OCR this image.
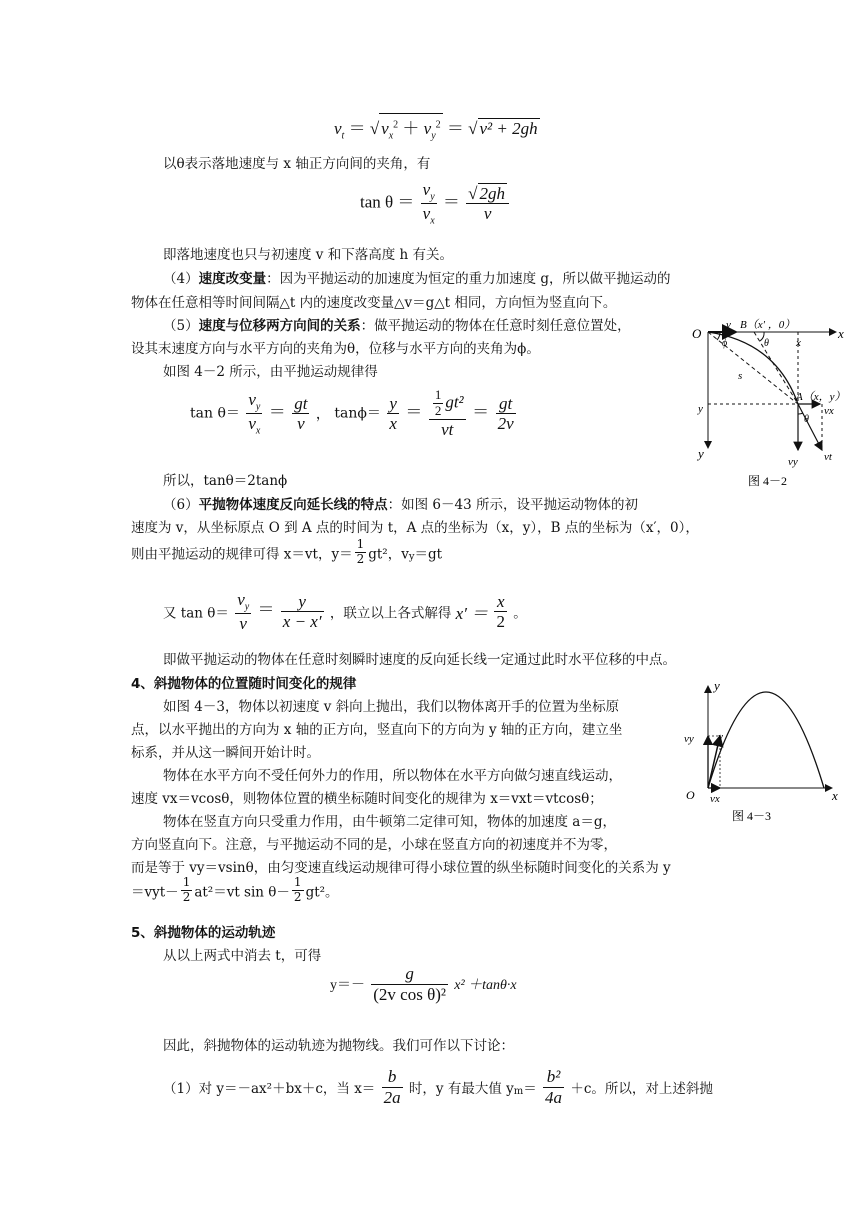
$v_t$ ＝ √ $v_x^2 + v_y^2$ ＝ √ v² + 2gh
以θ表示落地速度与 x 轴正方向间的夹角，有
$\tan \theta = \frac{v_y}{v_x} = \frac{√ 2gh}{v}$
即落地速度也只与初速度 v 和下落高度 h 有关。
（4）速度改变量：因为平抛运动的加速度为恒定的重力加速度 g，所以做平抛运动的
物体在任意相等时间间隔△t 内的速度改变量△v＝g△t 相同，方向恒为竖直向下。
（5）速度与位移两方向间的关系：做平抛运动的物体在任意时刻任意位置处，
设其末速度方向与水平方向的夹角为θ，位移与水平方向的夹角为ϕ。
如图 4－2 所示，由平抛运动规律得
$\tan \theta= \frac{v_y}{v_x} = \frac{gt}{v}$ ， $\tan\phi= \frac{y}{x} = \frac{\frac{1}{2} gt^2}{vt} = \frac{gt}{2v}$
所以，tanθ＝2tanϕ
（6）平抛物体速度反向延长线的特点：如图 6－43 所示，设平抛运动物体的初
速度为 v，从坐标原点 O 到 A 点的时间为 t，A 点的坐标为（x，y），B 点的坐标为（x′，0），
则由平抛运动的规律可得 x＝vt，$y= \frac{1}{2} gt^2$，$v_y=gt$
又 $\tan \theta= \frac{v_y}{v} = \frac{y}{x - x'}$ ，联立以上各式解得 $x' = \frac{x}{2}$ 。
即做平抛运动的物体在任意时刻瞬时速度的反向延长线一定通过此时水平位移的中点。
4、斜抛物体的位置随时间变化的规律
如图 4－3，物体以初速度 v 斜向上抛出，我们以物体离开手的位置为坐标原
点，以水平抛出的方向为 x 轴的正方向，竖直向下的方向为 y 轴的正方向，建立坐
标系，并从这一瞬间开始计时。
物体在水平方向不受任何外力的作用，所以物体在水平方向做匀速直线运动，
速度 vx＝vcosθ，则物体位置的横坐标随时间变化的规律为 x＝vxt＝vtcosθ；
物体在竖直方向只受重力作用，由牛顿第二定律可知，物体的加速度 a＝g，
方向竖直向下。注意，与平抛运动不同的是，小球在竖直方向的初速度并不为零，
而是等于 vy＝vsinθ，由匀变速直线运动规律可得小球位置的纵坐标随时间变化的关系为 y
$=vyt- \frac{1}{2} at^2=vt$ $\sin \theta- \frac{1}{2} gt^2$。
5、斜抛物体的运动轨迹
从以上两式中消去 t，可得
$y=- \frac{g}{\text{(2v cos θ)²}} x^2 +\tan\theta\cdot x$
因此，斜抛物体的运动轨迹为抛物线。我们可作以下讨论：
（1）对 y＝－ax²＋bx＋c，当 $x= \frac{b}{2a}$ 时，y 有最大值 $y_m= \frac{\text{b²}}{4a} +c$。所以，对上述斜抛
O
v B（x′ ，0）
x
x
ϕ	θ
s
A（x，y）
vx
θ
y
y
vy vt
图 4－2
y
vy v
O vx	x
图 4－3
